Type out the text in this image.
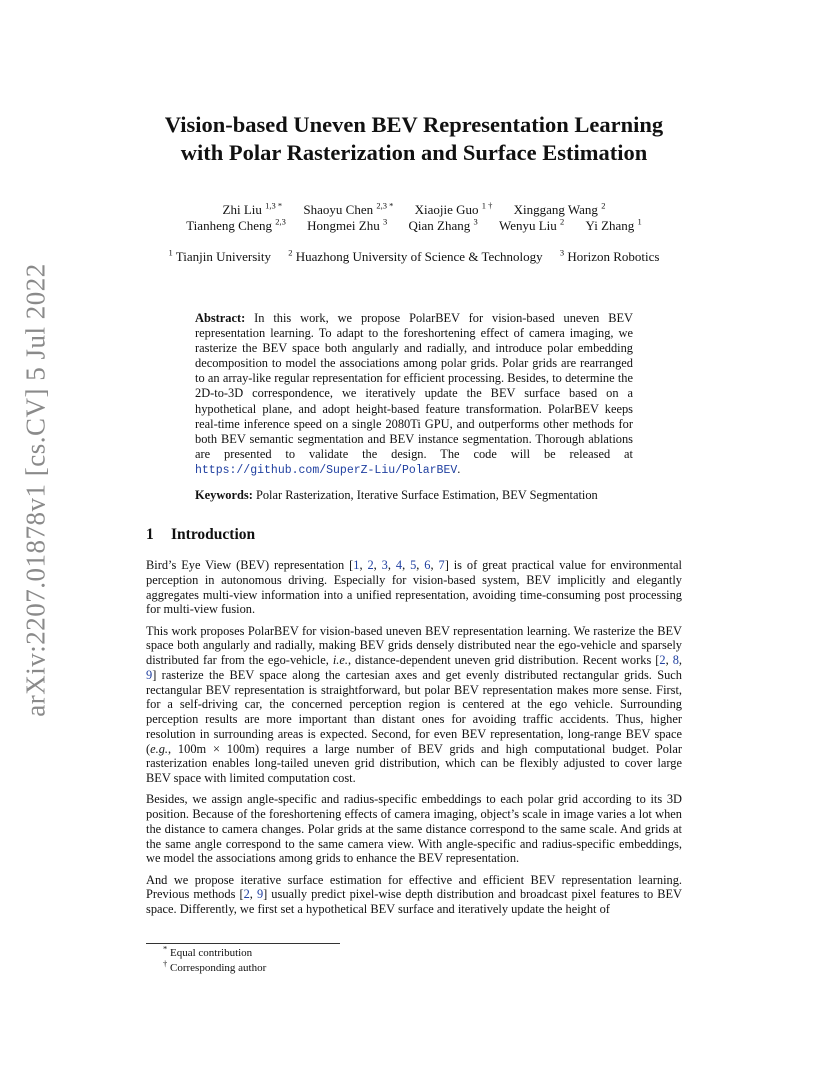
arXiv:2207.01878v1 [cs.CV] 5 Jul 2022
Vision-based Uneven BEV Representation Learning
with Polar Rasterization and Surface Estimation
Zhi Liu $^{1,3 *}$ Shaoyu Chen $^{2,3 *}$ Xiaojie Guo $^{1 \dagger}$ Xinggang Wang $^2$
Tianheng Cheng $^{2,3}$ Hongmei Zhu $^3$ Qian Zhang $^3$ Wenyu Liu $^2$ Yi Zhang $^1$
$^1$ Tianjin University $^2$ Huazhong University of Science & Technology $^3$ Horizon Robotics
Abstract: In this work, we propose PolarBEV for vision-based uneven BEV representation learning. To adapt to the foreshortening effect of camera imaging, we rasterize the BEV space both angularly and radially, and introduce polar embedding decomposition to model the associations among polar grids. Polar grids are rearranged to an array-like regular representation for efficient processing. Besides, to determine the 2D-to-3D correspondence, we iteratively update the BEV surface based on a hypothetical plane, and adopt height-based feature transformation. PolarBEV keeps real-time inference speed on a single 2080Ti GPU, and outperforms other methods for both BEV semantic segmentation and BEV instance segmentation. Thorough ablations are presented to validate the design. The code will be released at https://github.com/SuperZ-Liu/PolarBEV.
Keywords: Polar Rasterization, Iterative Surface Estimation, BEV Segmentation
1 Introduction

Bird’s Eye View (BEV) representation [1, 2, 3, 4, 5, 6, 7] is of great practical value for environmental perception in autonomous driving. Especially for vision-based system, BEV implicitly and elegantly aggregates multi-view information into a unified representation, avoiding time-consuming post processing for multi-view fusion.

This work proposes PolarBEV for vision-based uneven BEV representation learning. We rasterize the BEV space both angularly and radially, making BEV grids densely distributed near the ego-vehicle and sparsely distributed far from the ego-vehicle, i.e., distance-dependent uneven grid distribution. Recent works [2, 8, 9] rasterize the BEV space along the cartesian axes and get evenly distributed rectangular grids. Such rectangular BEV representation is straightforward, but polar BEV representation makes more sense. First, for a self-driving car, the concerned perception region is centered at the ego vehicle. Surrounding perception results are more important than distant ones for avoiding traffic accidents. Thus, higher resolution in surrounding areas is expected. Second, for even BEV representation, long-range BEV space (e.g., 100m × 100m) requires a large number of BEV grids and high computational budget. Polar rasterization enables long-tailed uneven grid distribution, which can be flexibly adjusted to cover large BEV space with limited computation cost.

Besides, we assign angle-specific and radius-specific embeddings to each polar grid according to its 3D position. Because of the foreshortening effects of camera imaging, object’s scale in image varies a lot when the distance to camera changes. Polar grids at the same distance correspond to the same scale. And grids at the same angle correspond to the same camera view. With angle-specific and radius-specific embeddings, we model the associations among grids to enhance the BEV representation.

And we propose iterative surface estimation for effective and efficient BEV representation learning. Previous methods [2, 9] usually predict pixel-wise depth distribution and broadcast pixel features to BEV space. Differently, we first set a hypothetical BEV surface and iteratively update the height of

* Equal contribution
† Corresponding author
